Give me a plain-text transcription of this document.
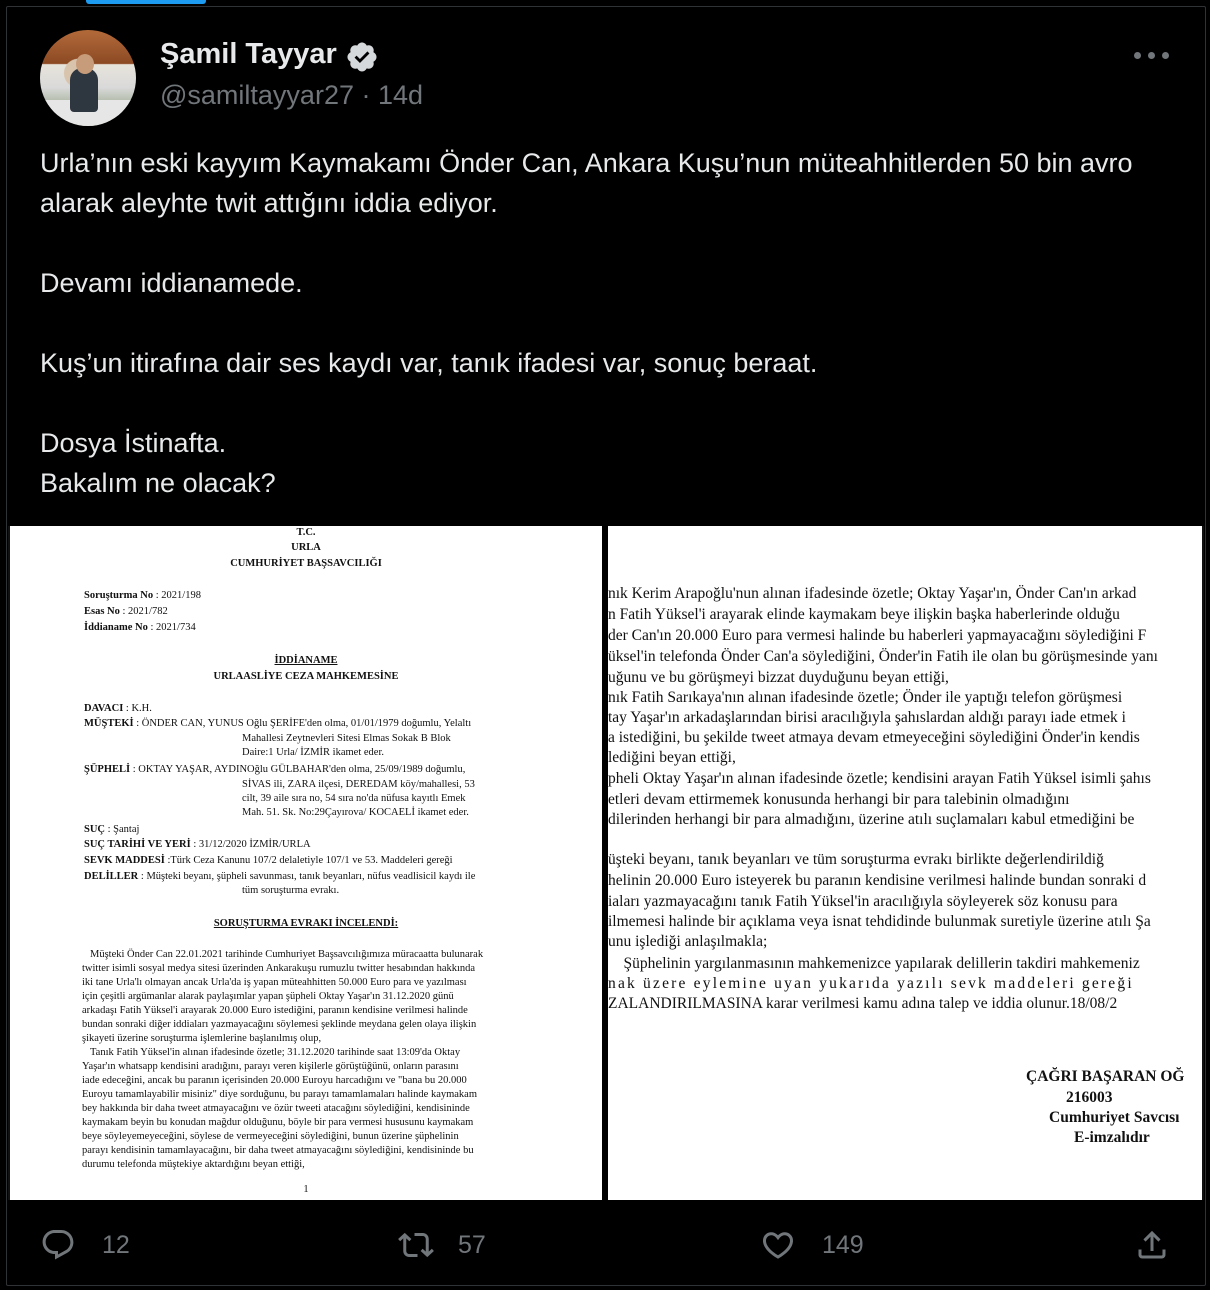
Şamil Tayyar
@samiltayyar27 · 14d

Urla’nın eski kayyım Kaymakamı Önder Can, Ankara Kuşu’nun müteahhitlerden 50 bin avro alarak aleyhte twit attığını iddia ediyor.

Devamı iddianamede.

Kuş’un itirafına dair ses kaydı var, tanık ifadesi var, sonuç beraat.

Dosya İstinafta.

Bakalım ne olacak?

T.C.
URLA
CUMHURİYET BAŞSAVCILIĞI
Soruşturma No : 2021/198
Esas No : 2021/782
İddianame No : 2021/734
İDDİANAME
URLAASLİYE CEZA MAHKEMESİNE
DAVACI : K.H.
MÜŞTEKİ : ÖNDER CAN, YUNUS Oğlu ŞERİFE'den olma, 01/01/1979 doğumlu, Yelaltı
Mahallesi Zeytnevleri Sitesi Elmas Sokak B Blok
Daire:1 Urla/ İZMİR ikamet eder.
ŞÜPHELİ : OKTAY YAŞAR, AYDINOğlu GÜLBAHAR'den olma, 25/09/1989 doğumlu,
SİVAS ili, ZARA ilçesi, DEREDAM köy/mahallesi, 53
cilt, 39 aile sıra no, 54 sıra no'da nüfusa kayıtlı Emek
Mah. 51. Sk. No:29Çayırova/ KOCAELİ ikamet eder.
SUÇ : Şantaj
SUÇ TARİHİ VE YERİ : 31/12/2020 İZMİR/URLA
SEVK MADDESİ :Türk Ceza Kanunu 107/2 delaletiyle 107/1 ve 53. Maddeleri gereği
DELİLLER : Müşteki beyanı, şüpheli savunması, tanık beyanları, nüfus veadlisicil kaydı ile
tüm soruşturma evrakı.
SORUŞTURMA EVRAKI İNCELENDİ:
Müşteki Önder Can 22.01.2021 tarihinde Cumhuriyet Başsavcılığımıza müracaatta bulunarak
twitter isimli sosyal medya sitesi üzerinden Ankarakuşu rumuzlu twitter hesabından hakkında
iki tane Urla'lı olmayan ancak Urla'da iş yapan müteahhitten 50.000 Euro para ve yazılması
için çeşitli argümanlar alarak paylaşımlar yapan şüpheli Oktay Yaşar'ın 31.12.2020 günü
arkadaşı Fatih Yüksel'i arayarak 20.000 Euro istediğini, paranın kendisine verilmesi halinde
bundan sonraki diğer iddiaları yazmayacağını söylemesi şeklinde meydana gelen olaya ilişkin
şikayeti üzerine soruşturma işlemlerine başlanılmış olup,
Tanık Fatih Yüksel'in alınan ifadesinde özetle; 31.12.2020 tarihinde saat 13:09'da Oktay
Yaşar'ın whatsapp kendisini aradığını, parayı veren kişilerle görüştüğünü, onların parasını
iade edeceğini, ancak bu paranın içerisinden 20.000 Euroyu harcadığını ve "bana bu 20.000
Euroyu tamamlayabilir misiniz" diye sorduğunu, bu parayı tamamlamaları halinde kaymakam
bey hakkında bir daha tweet atmayacağını ve özür tweeti atacağını söylediğini, kendisininde
kaymakam beyin bu konudan mağdur olduğunu, böyle bir para vermesi hususunu kaymakam
beye söyleyemeyeceğini, söylese de vermeyeceğini söylediğini, bunun üzerine şüphelinin
parayı kendisinin tamamlayacağını, bir daha tweet atmayacağını söylediğini, kendisininde bu
durumu telefonda müştekiye aktardığını beyan ettiği,
1
nık Kerim Arapoğlu'nun alınan ifadesinde özetle; Oktay Yaşar'ın, Önder Can'ın arkad
n Fatih Yüksel'i arayarak elinde kaymakam beye ilişkin başka haberlerinde olduğu
der Can'ın 20.000 Euro para vermesi halinde bu haberleri yapmayacağını söylediğini F
üksel'in telefonda Önder Can'a söylediğini, Önder'in Fatih ile olan bu görüşmesinde yanı
uğunu ve bu görüşmeyi bizzat duyduğunu beyan ettiği,
nık Fatih Sarıkaya'nın alınan ifadesinde özetle; Önder ile yaptığı telefon görüşmesi
tay Yaşar'ın arkadaşlarından birisi aracılığıyla şahıslardan aldığı parayı iade etmek i
a istediğini, bu şekilde tweet atmaya devam etmeyeceğini söylediğini Önder'in kendis
lediğini beyan ettiği,
pheli Oktay Yaşar'ın alınan ifadesinde özetle; kendisini arayan Fatih Yüksel isimli şahıs
etleri devam ettirmemek konusunda herhangi bir para talebinin olmadığını
dilerinden herhangi bir para almadığını, üzerine atılı suçlamaları kabul etmediğini be
üşteki beyanı, tanık beyanları ve tüm soruşturma evrakı birlikte değerlendirildiğ
helinin 20.000 Euro isteyerek bu paranın kendisine verilmesi halinde bundan sonraki d
iaları yazmayacağını tanık Fatih Yüksel'in aracılığıyla söyleyerek söz konusu para
ilmemesi halinde bir açıklama veya isnat tehdidinde bulunmak suretiyle üzerine atılı Şa
unu işlediği anlaşılmakla;
Şüphelinin yargılanmasının mahkemenizce yapılarak delillerin takdiri mahkemeniz
nak üzere eylemine uyan yukarıda yazılı sevk maddeleri gereği
ZALANDIRILMASINA karar verilmesi kamu adına talep ve iddia olunur.18/08/2
ÇAĞRI BAŞARAN OĞ
216003
Cumhuriyet Savcısı
E-imzalıdır
12	57	149
